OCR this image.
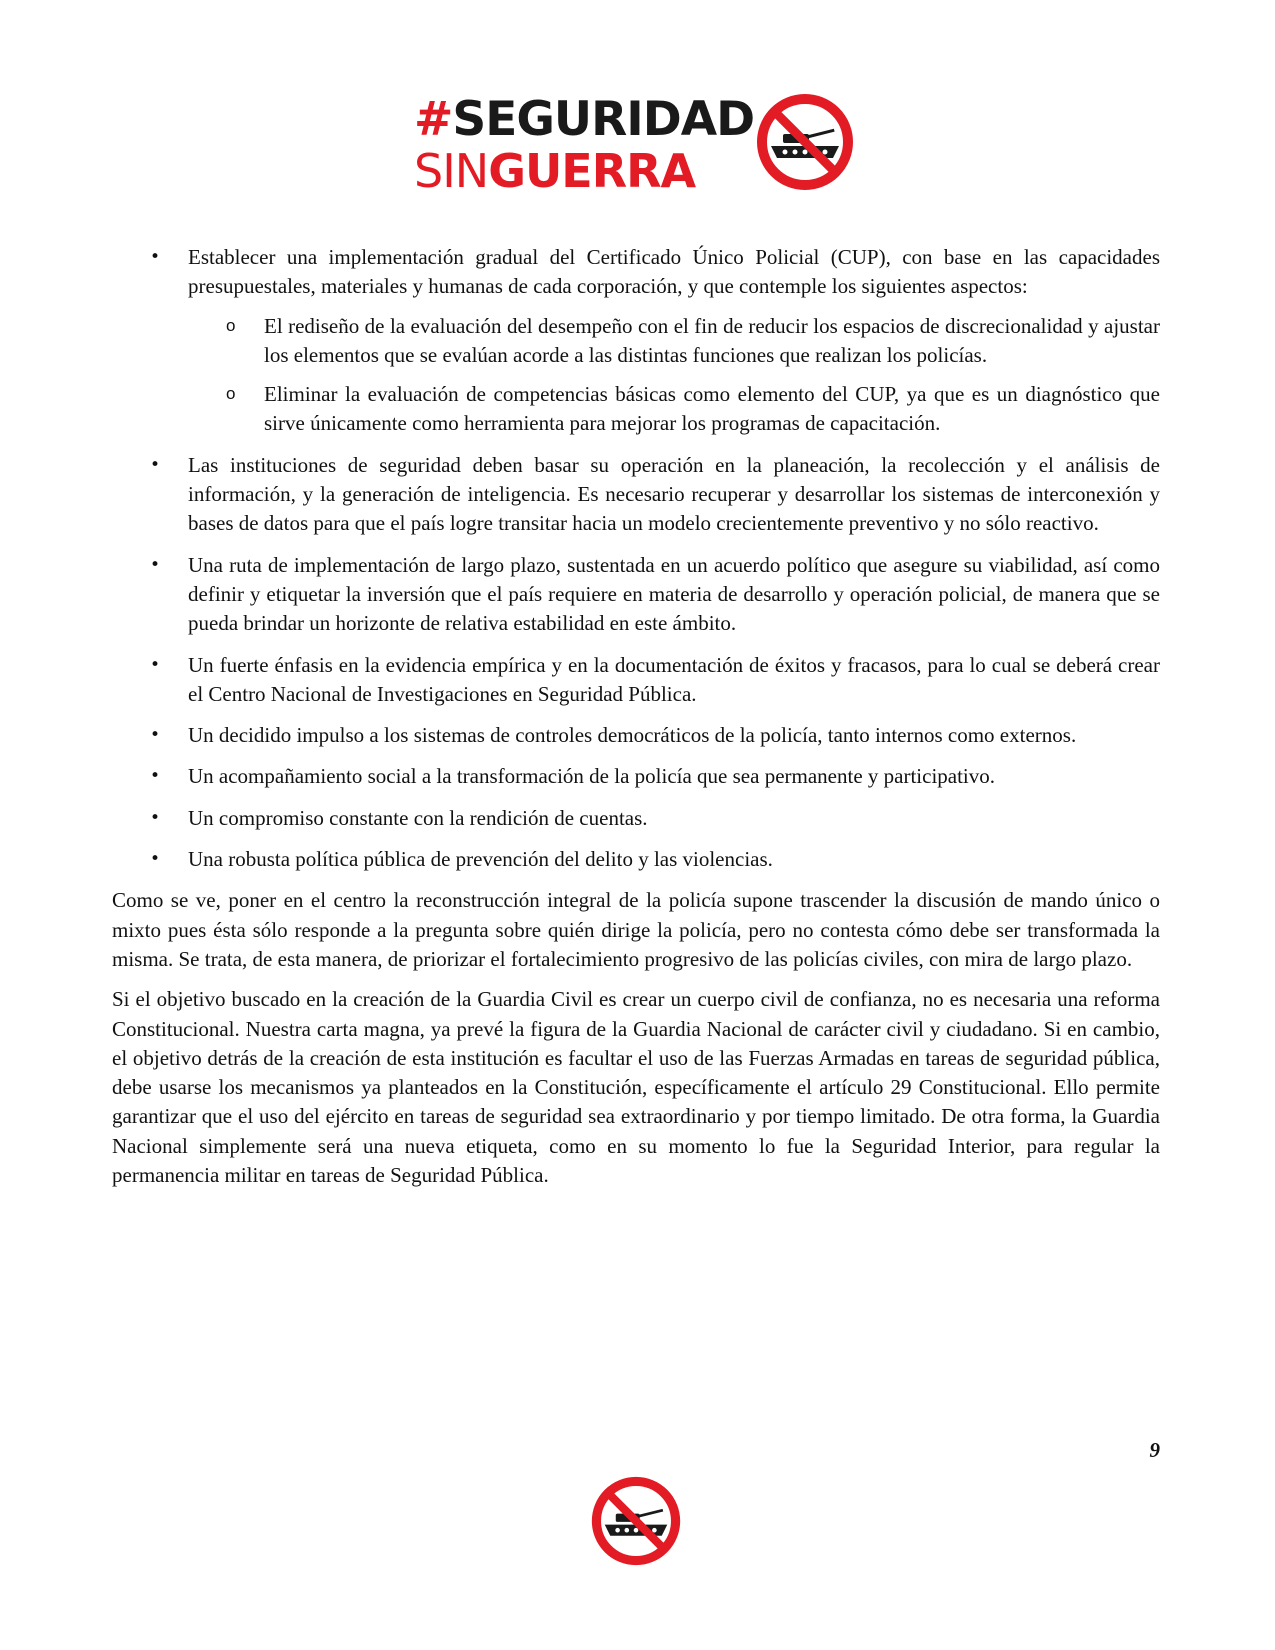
#SEGURIDAD
SINGUERRA
• Establecer una implementación gradual del Certificado Único Policial (CUP), con base en las capacidades presupuestales, materiales y humanas de cada corporación, y que contemple los siguientes aspectos:
o El rediseño de la evaluación del desempeño con el fin de reducir los espacios de discrecionalidad y ajustar los elementos que se evalúan acorde a las distintas funciones que realizan los policías.
o Eliminar la evaluación de competencias básicas como elemento del CUP, ya que es un diagnóstico que sirve únicamente como herramienta para mejorar los programas de capacitación.
• Las instituciones de seguridad deben basar su operación en la planeación, la recolección y el análisis de información, y la generación de inteligencia. Es necesario recuperar y desarrollar los sistemas de interconexión y bases de datos para que el país logre transitar hacia un modelo crecientemente preventivo y no sólo reactivo.
• Una ruta de implementación de largo plazo, sustentada en un acuerdo político que asegure su viabilidad, así como definir y etiquetar la inversión que el país requiere en materia de desarrollo y operación policial, de manera que se pueda brindar un horizonte de relativa estabilidad en este ámbito.
• Un fuerte énfasis en la evidencia empírica y en la documentación de éxitos y fracasos, para lo cual se deberá crear el Centro Nacional de Investigaciones en Seguridad Pública.
• Un decidido impulso a los sistemas de controles democráticos de la policía, tanto internos como externos.
• Un acompañamiento social a la transformación de la policía que sea permanente y participativo.
• Un compromiso constante con la rendición de cuentas.
• Una robusta política pública de prevención del delito y las violencias.

Como se ve, poner en el centro la reconstrucción integral de la policía supone trascender la discusión de mando único o mixto pues ésta sólo responde a la pregunta sobre quién dirige la policía, pero no contesta cómo debe ser transformada la misma. Se trata, de esta manera, de priorizar el fortalecimiento progresivo de las policías civiles, con mira de largo plazo.

Si el objetivo buscado en la creación de la Guardia Civil es crear un cuerpo civil de confianza, no es necesaria una reforma Constitucional. Nuestra carta magna, ya prevé la figura de la Guardia Nacional de carácter civil y ciudadano. Si en cambio, el objetivo detrás de la creación de esta institución es facultar el uso de las Fuerzas Armadas en tareas de seguridad pública, debe usarse los mecanismos ya planteados en la Constitución, específicamente el artículo 29 Constitucional. Ello permite garantizar que el uso del ejército en tareas de seguridad sea extraordinario y por tiempo limitado. De otra forma, la Guardia Nacional simplemente será una nueva etiqueta, como en su momento lo fue la Seguridad Interior, para regular la permanencia militar en tareas de Seguridad Pública.

9
